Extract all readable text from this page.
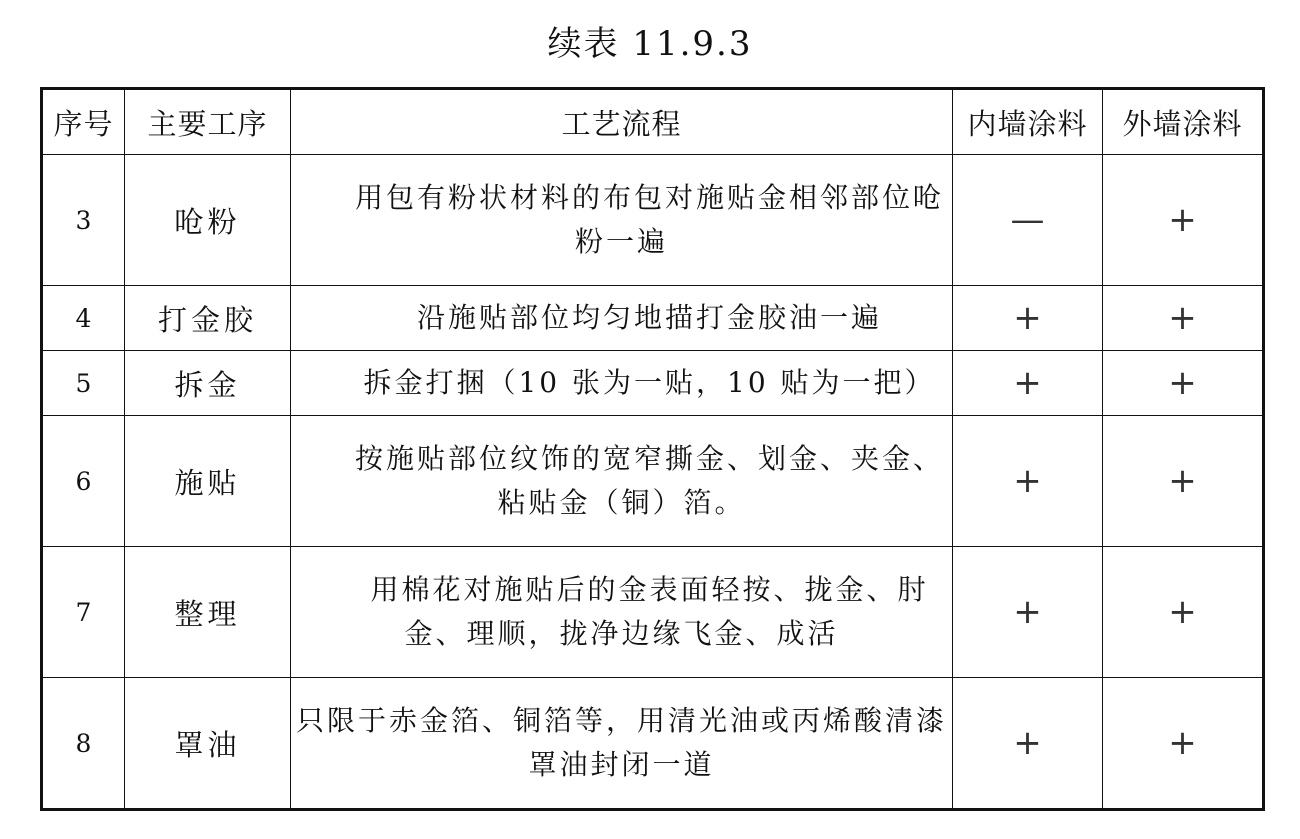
续表 11.9.3
序号	主要工序	工艺流程	内墙涂料	外墙涂料
3	呛粉	用包有粉状材料的布包对施贴金相邻部位呛粉一遍	—	+
4	打金胶	沿施贴部位均匀地描打金胶油一遍	+	+
5	拆金	拆金打捆（10 张为一贴，10 贴为一把）	+	+
6	施贴	按施贴部位纹饰的宽窄撕金、划金、夹金、粘贴金（铜）箔。	+	+
7	整理	用棉花对施贴后的金表面轻按、拢金、肘金、理顺，拢净边缘飞金、成活	+	+
8	罩油	只限于赤金箔、铜箔等，用清光油或丙烯酸清漆罩油封闭一道	+	+
